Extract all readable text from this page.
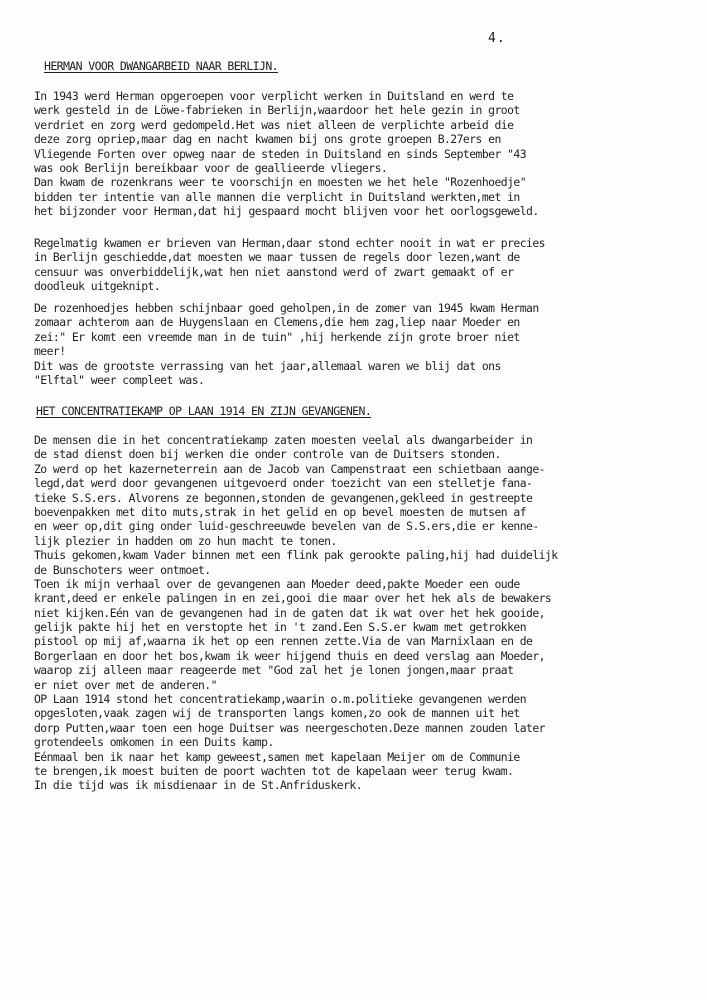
4.
HERMAN VOOR DWANGARBEID NAAR BERLIJN.
In 1943 werd Herman opgeroepen voor verplicht werken in Duitsland en werd te
werk gesteld in de Löwe-fabrieken in Berlijn,waardoor het hele gezin in groot
verdriet en zorg werd gedompeld.Het was niet alleen de verplichte arbeid die
deze zorg opriep,maar dag en nacht kwamen bij ons grote groepen B.27ers en
Vliegende Forten over opweg naar de steden in Duitsland en sinds September "43
was ook Berlijn bereikbaar voor de geallieerde vliegers.
Dan kwam de rozenkrans weer te voorschijn en moesten we het hele "Rozenhoedje"
bidden ter intentie van alle mannen die verplicht in Duitsland werkten,met in
het bijzonder voor Herman,dat hij gespaard mocht blijven voor het oorlogsgeweld.
Regelmatig kwamen er brieven van Herman,daar stond echter nooit in wat er precies
in Berlijn geschiedde,dat moesten we maar tussen de regels door lezen,want de
censuur was onverbiddelijk,wat hen niet aanstond werd of zwart gemaakt of er
doodleuk uitgeknipt.
De rozenhoedjes hebben schijnbaar goed geholpen,in de zomer van 1945 kwam Herman
zomaar achterom aan de Huygenslaan en Clemens,die hem zag,liep naar Moeder en
zei:" Er komt een vreemde man in de tuin" ,hij herkende zijn grote broer niet
meer!
Dit was de grootste verrassing van het jaar,allemaal waren we blij dat ons
"Elftal" weer compleet was.
HET CONCENTRATIEKAMP OP LAAN 1914 EN ZIJN GEVANGENEN.
De mensen die in het concentratiekamp zaten moesten veelal als dwangarbeider in
de stad dienst doen bij werken die onder controle van de Duitsers stonden.
Zo werd op het kazerneterrein aan de Jacob van Campenstraat een schietbaan aange-
legd,dat werd door gevangenen uitgevoerd onder toezicht van een stelletje fana-
tieke S.S.ers. Alvorens ze begonnen,stonden de gevangenen,gekleed in gestreepte
boevenpakken met dito muts,strak in het gelid en op bevel moesten de mutsen af
en weer op,dit ging onder luid-geschreeuwde bevelen van de S.S.ers,die er kenne-
lijk plezier in hadden om zo hun macht te tonen.
Thuis gekomen,kwam Vader binnen met een flink pak gerookte paling,hij had duidelijk
de Bunschoters weer ontmoet.
Toen ik mijn verhaal over de gevangenen aan Moeder deed,pakte Moeder een oude
krant,deed er enkele palingen in en zei,gooi die maar over het hek als de bewakers
niet kijken.Eén van de gevangenen had in de gaten dat ik wat over het hek gooide,
gelijk pakte hij het en verstopte het in 't zand.Een S.S.er kwam met getrokken
pistool op mij af,waarna ik het op een rennen zette.Via de van Marnixlaan en de
Borgerlaan en door het bos,kwam ik weer hijgend thuis en deed verslag aan Moeder,
waarop zij alleen maar reageerde met "God zal het je lonen jongen,maar praat
er niet over met de anderen."
OP Laan 1914 stond het concentratiekamp,waarin o.m.politieke gevangenen werden
opgesloten,vaak zagen wij de transporten langs komen,zo ook de mannen uit het
dorp Putten,waar toen een hoge Duitser was neergeschoten.Deze mannen zouden later
grotendeels omkomen in een Duits kamp.
Eénmaal ben ik naar het kamp geweest,samen met kapelaan Meijer om de Communie
te brengen,ik moest buiten de poort wachten tot de kapelaan weer terug kwam.
In die tijd was ik misdienaar in de St.Anfriduskerk.
